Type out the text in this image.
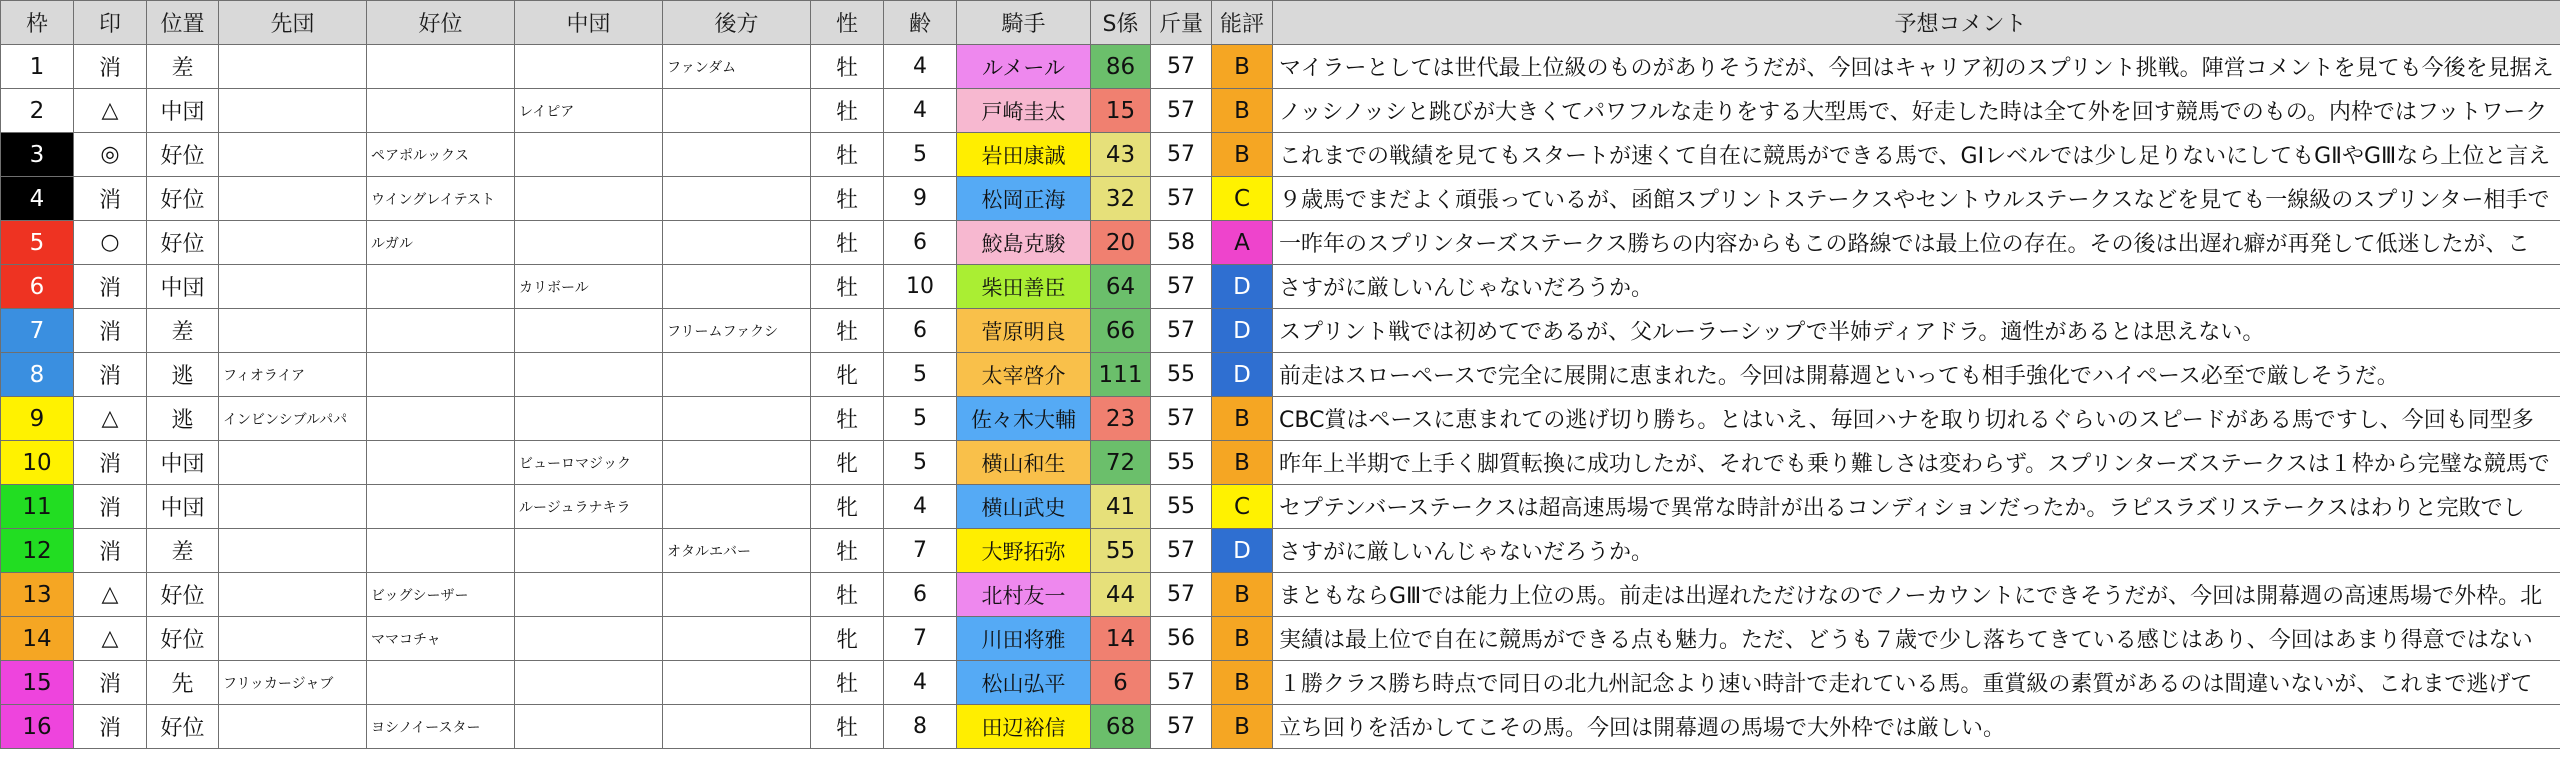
枠	印	位置	先団	好位	中団	後方	性	齢	騎手	S係	斤量	能評	予想コメント
1	消	差				ファンダム	牡	4	ルメール	86	57	B	マイラーとしては世代最上位級のものがありそうだが、今回はキャリア初のスプリント挑戦。陣営コメントを見ても今後を見据え
2	△	中団			レイピア		牡	4	戸崎圭太	15	57	B	ノッシノッシと跳びが大きくてパワフルな走りをする大型馬で、好走した時は全て外を回す競馬でのもの。内枠ではフットワーク
3	◎	好位		ペアポルックス			牡	5	岩田康誠	43	57	B	これまでの戦績を見てもスタートが速くて自在に競馬ができる馬で、GⅠレベルでは少し足りないにしてもGⅡやGⅢなら上位と言え
4	消	好位		ウイングレイテスト			牡	9	松岡正海	32	57	C	９歳馬でまだよく頑張っているが、函館スプリントステークスやセントウルステークスなどを見ても一線級のスプリンター相手で
5	○	好位		ルガル			牡	6	鮫島克駿	20	58	A	一昨年のスプリンターズステークス勝ちの内容からもこの路線では最上位の存在。その後は出遅れ癖が再発して低迷したが、こ
6	消	中団			カリボール		牡	10	柴田善臣	64	57	D	さすがに厳しいんじゃないだろうか。
7	消	差				フリームファクシ	牡	6	菅原明良	66	57	D	スプリント戦では初めてであるが、父ルーラーシップで半姉ディアドラ。適性があるとは思えない。
8	消	逃	フィオライア				牝	5	太宰啓介	111	55	D	前走はスローペースで完全に展開に恵まれた。今回は開幕週といっても相手強化でハイペース必至で厳しそうだ。
9	△	逃	インビンシブルパパ				牡	5	佐々木大輔	23	57	B	CBC賞はペースに恵まれての逃げ切り勝ち。とはいえ、毎回ハナを取り切れるぐらいのスピードがある馬ですし、今回も同型多
10	消	中団			ビューロマジック		牝	5	横山和生	72	55	B	昨年上半期で上手く脚質転換に成功したが、それでも乗り難しさは変わらず。スプリンターズステークスは１枠から完璧な競馬で
11	消	中団			ルージュラナキラ		牝	4	横山武史	41	55	C	セプテンバーステークスは超高速馬場で異常な時計が出るコンディションだったか。ラピスラズリステークスはわりと完敗でし
12	消	差				オタルエバー	牡	7	大野拓弥	55	57	D	さすがに厳しいんじゃないだろうか。
13	△	好位		ビッグシーザー			牡	6	北村友一	44	57	B	まともならGⅢでは能力上位の馬。前走は出遅れただけなのでノーカウントにできそうだが、今回は開幕週の高速馬場で外枠。北
14	△	好位		ママコチャ			牝	7	川田将雅	14	56	B	実績は最上位で自在に競馬ができる点も魅力。ただ、どうも７歳で少し落ちてきている感じはあり、今回はあまり得意ではない
15	消	先	フリッカージャブ				牡	4	松山弘平	6	57	B	１勝クラス勝ち時点で同日の北九州記念より速い時計で走れている馬。重賞級の素質があるのは間違いないが、これまで逃げて
16	消	好位		ヨシノイースター			牡	8	田辺裕信	68	57	B	立ち回りを活かしてこその馬。今回は開幕週の馬場で大外枠では厳しい。
